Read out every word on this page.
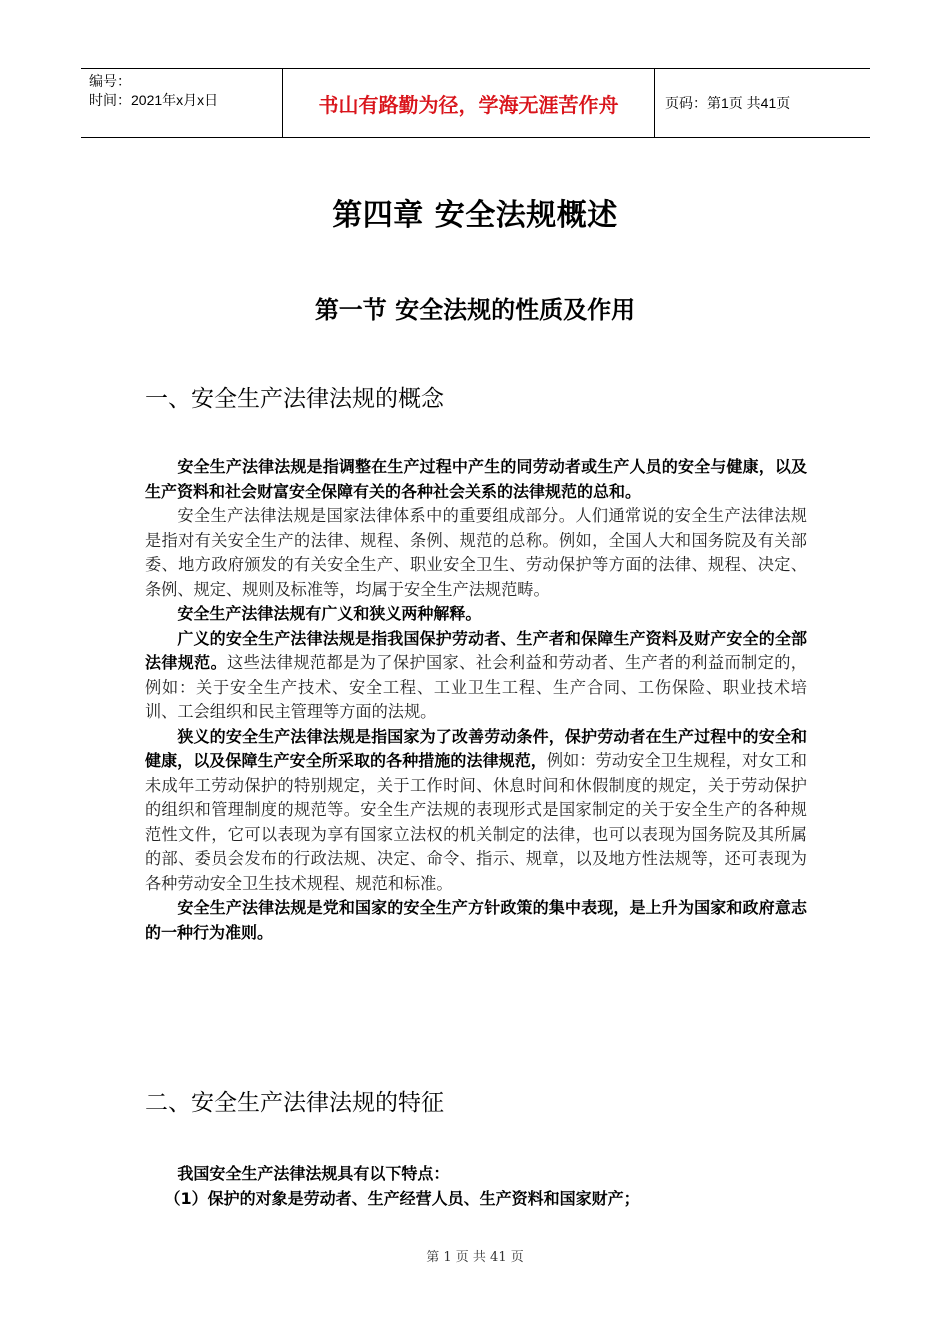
编号：
时间：2021年x月x日	书山有路勤为径，学海无涯苦作舟	页码：第1页 共41页
第四章 安全法规概述
第一节 安全法规的性质及作用
一、安全生产法律法规的概念

安全生产法律法规是指调整在生产过程中产生的同劳动者或生产人员的安全与健康，以及生产资料和社会财富安全保障有关的各种社会关系的法律规范的总和。

安全生产法律法规是国家法律体系中的重要组成部分。人们通常说的安全生产法律法规是指对有关安全生产的法律、规程、条例、规范的总称。例如，全国人大和国务院及有关部委、地方政府颁发的有关安全生产、职业安全卫生、劳动保护等方面的法律、规程、决定、条例、规定、规则及标准等，均属于安全生产法规范畴。

安全生产法律法规有广义和狭义两种解释。

广义的安全生产法律法规是指我国保护劳动者、生产者和保障生产资料及财产安全的全部法律规范。这些法律规范都是为了保护国家、社会利益和劳动者、生产者的利益而制定的，例如：关于安全生产技术、安全工程、工业卫生工程、生产合同、工伤保险、职业技术培训、工会组织和民主管理等方面的法规。

狭义的安全生产法律法规是指国家为了改善劳动条件，保护劳动者在生产过程中的安全和健康，以及保障生产安全所采取的各种措施的法律规范，例如：劳动安全卫生规程，对女工和未成年工劳动保护的特别规定，关于工作时间、休息时间和休假制度的规定，关于劳动保护的组织和管理制度的规范等。安全生产法规的表现形式是国家制定的关于安全生产的各种规范性文件，它可以表现为享有国家立法权的机关制定的法律，也可以表现为国务院及其所属的部、委员会发布的行政法规、决定、命令、指示、规章，以及地方性法规等，还可表现为各种劳动安全卫生技术规程、规范和标准。

安全生产法律法规是党和国家的安全生产方针政策的集中表现，是上升为国家和政府意志的一种行为准则。

二、安全生产法律法规的特征

我国安全生产法律法规具有以下特点：

（1）保护的对象是劳动者、生产经营人员、生产资料和国家财产；

第 1 页 共 41 页
